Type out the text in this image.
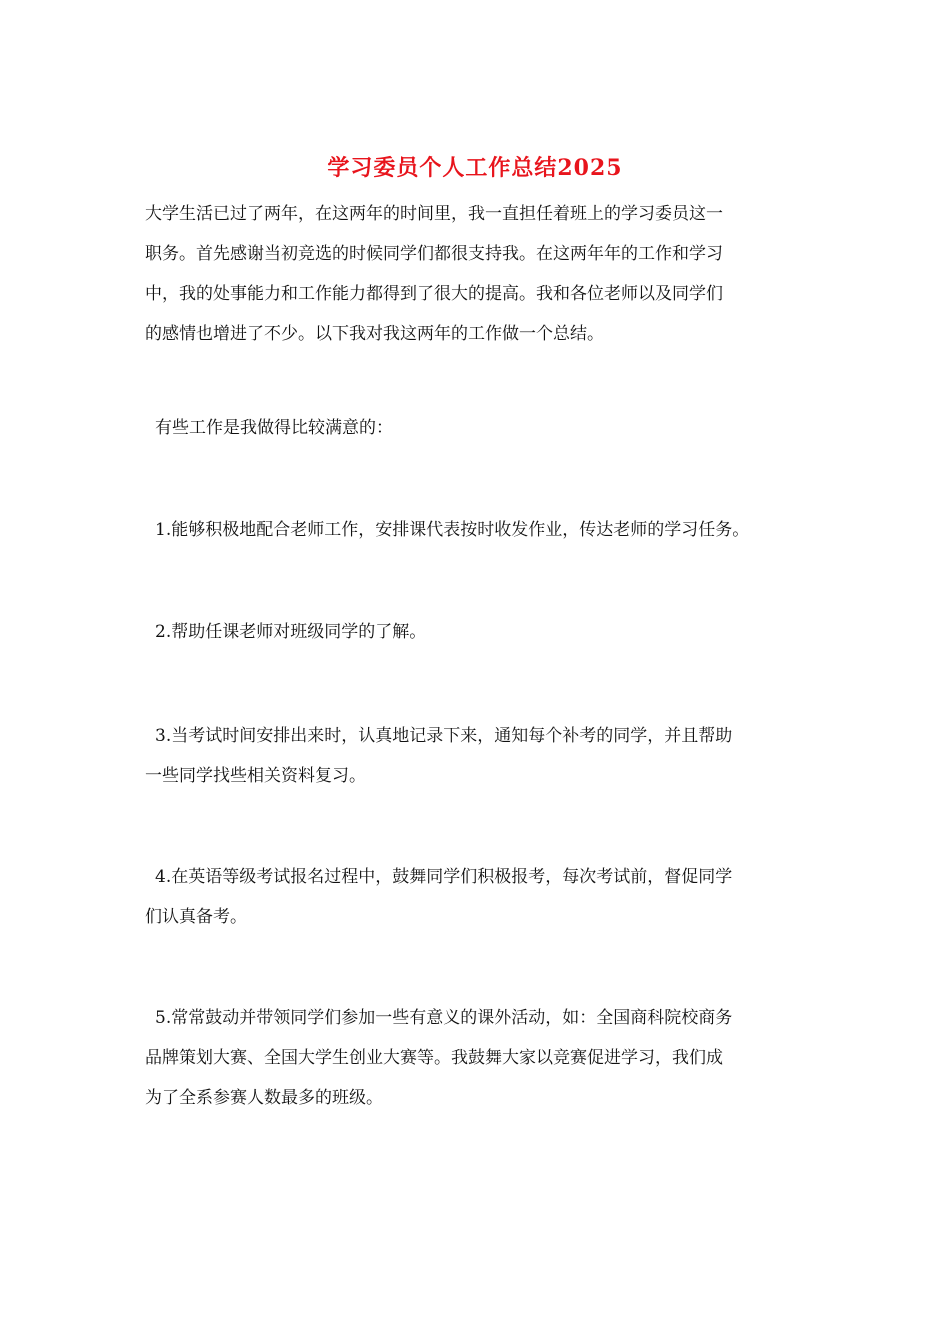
学习委员个人工作总结2025
大学生活已过了两年，在这两年的时间里，我一直担任着班上的学习委员这一
职务。首先感谢当初竞选的时候同学们都很支持我。在这两年年的工作和学习
中，我的处事能力和工作能力都得到了很大的提高。我和各位老师以及同学们
的感情也增进了不少。以下我对我这两年的工作做一个总结。
有些工作是我做得比较满意的：
1.能够积极地配合老师工作，安排课代表按时收发作业，传达老师的学习任务。
2.帮助任课老师对班级同学的了解。
3.当考试时间安排出来时，认真地记录下来，通知每个补考的同学，并且帮助
一些同学找些相关资料复习。
4.在英语等级考试报名过程中，鼓舞同学们积极报考，每次考试前，督促同学
们认真备考。
5.常常鼓动并带领同学们参加一些有意义的课外活动，如：全国商科院校商务
品牌策划大赛、全国大学生创业大赛等。我鼓舞大家以竞赛促进学习，我们成
为了全系参赛人数最多的班级。
